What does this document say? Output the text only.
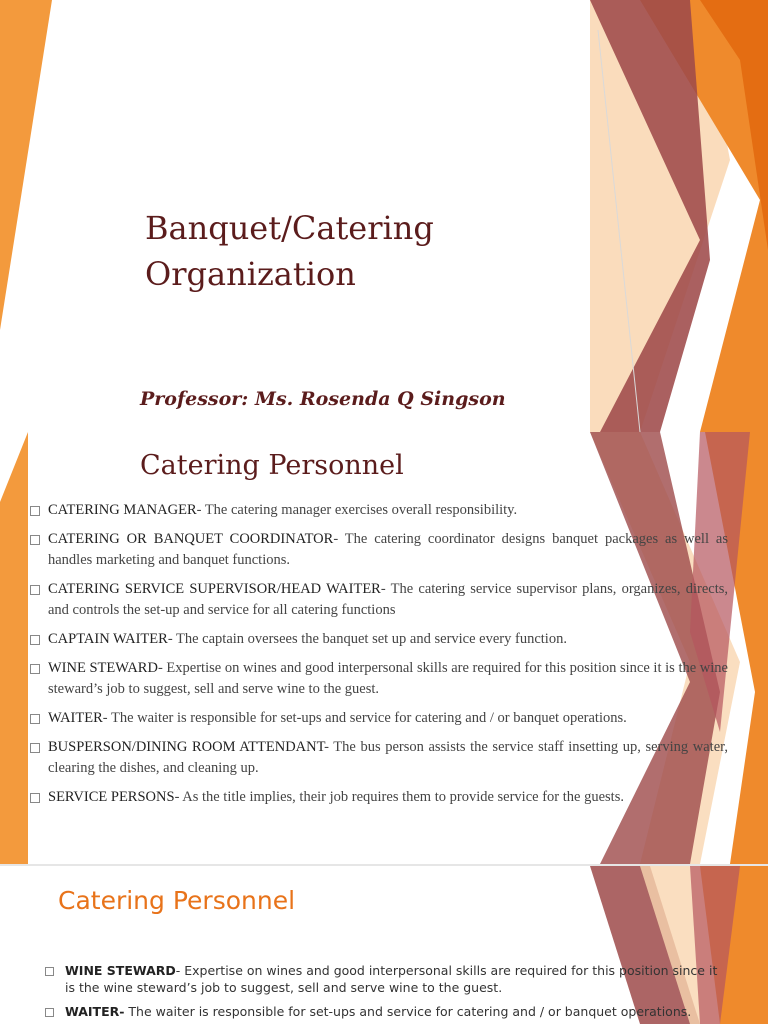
Banquet/Catering
Organization
Professor: Ms. Rosenda Q Singson
Catering Personnel
CATERING MANAGER- The catering manager exercises overall responsibility.
CATERING OR BANQUET COORDINATOR- The catering coordinator designs banquet packages as well as handles marketing and banquet functions.
CATERING SERVICE SUPERVISOR/HEAD WAITER- The catering service supervisor plans, organizes, directs, and controls the set-up and service for all catering functions
CAPTAIN WAITER- The captain oversees the banquet set up and service every function.
WINE STEWARD- Expertise on wines and good interpersonal skills are required for this position since it is the wine steward’s job to suggest, sell and serve wine to the guest.
WAITER- The waiter is responsible for set-ups and service for catering and / or banquet operations.
BUSPERSON/DINING ROOM ATTENDANT- The bus person assists the service staff insetting up, serving water, clearing the dishes, and cleaning up.
SERVICE PERSONS- As the title implies, their job requires them to provide service for the guests.
Catering Personnel
WINE STEWARD- Expertise on wines and good interpersonal skills are required for this position since it is the wine steward’s job to suggest, sell and serve wine to the guest.
WAITER- The waiter is responsible for set-ups and service for catering and / or banquet operations.
